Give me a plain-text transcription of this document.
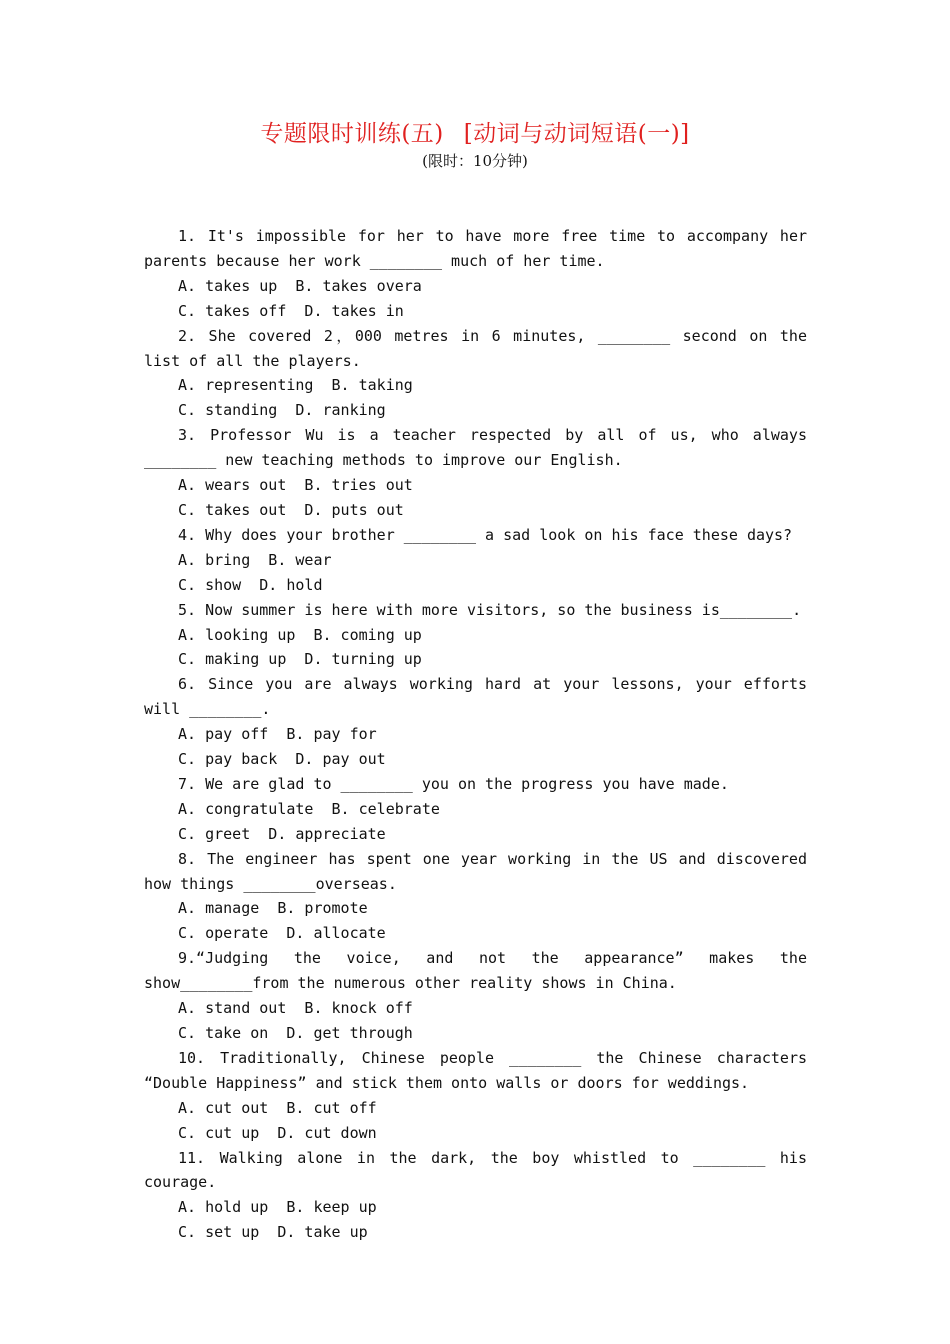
专题限时训练(五) [动词与动词短语(一)]
(限时：10分钟)

1. It's impossible for her to have more free time to accompany her parents because her work ________ much of her time.

A. takes up  B. takes overa

C. takes off  D. takes in

2. She covered 2，000 metres in 6 minutes, ________ second on the list of all the players.

A. representing  B. taking

C. standing  D. ranking

3. Professor Wu is a teacher respected by all of us, who always ________ new teaching methods to improve our English.

A. wears out  B. tries out

C. takes out  D. puts out

4. Why does your brother ________ a sad look on his face these days?

A. bring  B. wear

C. show  D. hold

5. Now summer is here with more visitors, so the business is________.

A. looking up  B. coming up

C. making up  D. turning up

6. Since you are always working hard at your lessons, your efforts will ________.

A. pay off  B. pay for

C. pay back  D. pay out

7. We are glad to ________ you on the progress you have made.

A. congratulate  B. celebrate

C. greet  D. appreciate

8. The engineer has spent one year working in the US and discovered how things ________overseas.

A. manage  B. promote

C. operate  D. allocate

9.“Judging the voice, and not the appearance” makes the show________from the numerous other reality shows in China.

A. stand out  B. knock off

C. take on  D. get through

10. Traditionally, Chinese people ________ the Chinese characters “Double Happiness” and stick them onto walls or doors for weddings.

A. cut out  B. cut off

C. cut up  D. cut down

11. Walking alone in the dark, the boy whistled to ________ his courage.

A. hold up  B. keep up

C. set up  D. take up
